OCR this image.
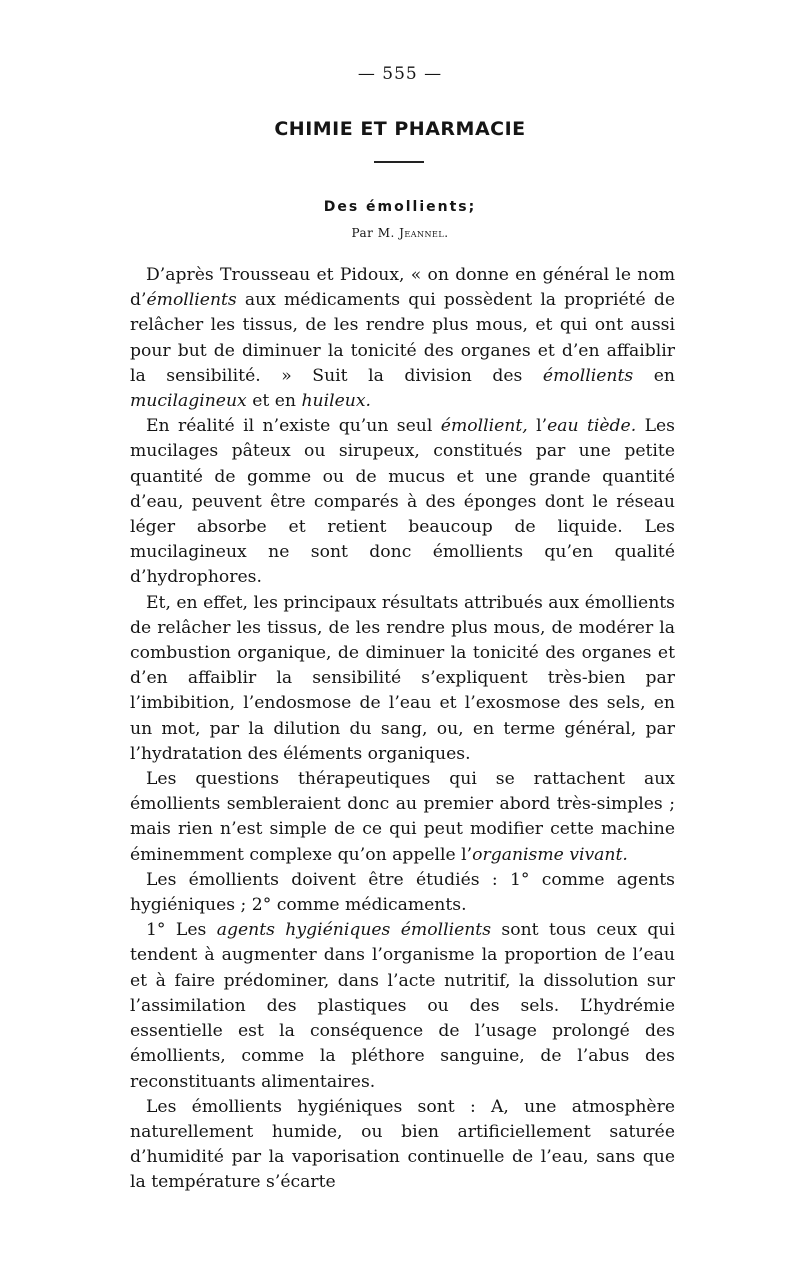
— 555 —
CHIMIE ET PHARMACIE
Des émollients;
Par M. Jeannel.

D’après Trousseau et Pidoux, « on donne en général le nom d’émollients aux médicaments qui possèdent la propriété de relâcher les tissus, de les rendre plus mous, et qui ont aussi pour but de diminuer la tonicité des organes et d’en affaiblir la sensibilité. » Suit la division des émollients en mucilagineux et en huileux.

En réalité il n’existe qu’un seul émollient, l’eau tiède. Les mucilages pâteux ou sirupeux, constitués par une petite quantité de gomme ou de mucus et une grande quantité d’eau, peuvent être comparés à des éponges dont le réseau léger absorbe et retient beaucoup de liquide. Les mucilagineux ne sont donc émollients qu’en qualité d’hydrophores.

Et, en effet, les principaux résultats attribués aux émollients de relâcher les tissus, de les rendre plus mous, de modérer la combustion organique, de diminuer la tonicité des organes et d’en affaiblir la sensibilité s’expliquent très-bien par l’imbibition, l’endosmose de l’eau et l’exosmose des sels, en un mot, par la dilution du sang, ou, en terme général, par l’hydratation des éléments organiques.

Les questions thérapeutiques qui se rattachent aux émollients sembleraient donc au premier abord très-simples ; mais rien n’est simple de ce qui peut modifier cette machine éminemment complexe qu’on appelle l’organisme vivant.

Les émollients doivent être étudiés : 1° comme agents hygiéniques ; 2° comme médicaments.

1° Les agents hygiéniques émollients sont tous ceux qui tendent à augmenter dans l’organisme la proportion de l’eau et à faire prédominer, dans l’acte nutritif, la dissolution sur l’assimilation des plastiques ou des sels. L’hydrémie essentielle est la conséquence de l’usage prolongé des émollients, comme la pléthore sanguine, de l’abus des reconstituants alimentaires.

Les émollients hygiéniques sont : A, une atmosphère naturellement humide, ou bien artificiellement saturée d’humidité par la vaporisation continuelle de l’eau, sans que la température s’écarte
